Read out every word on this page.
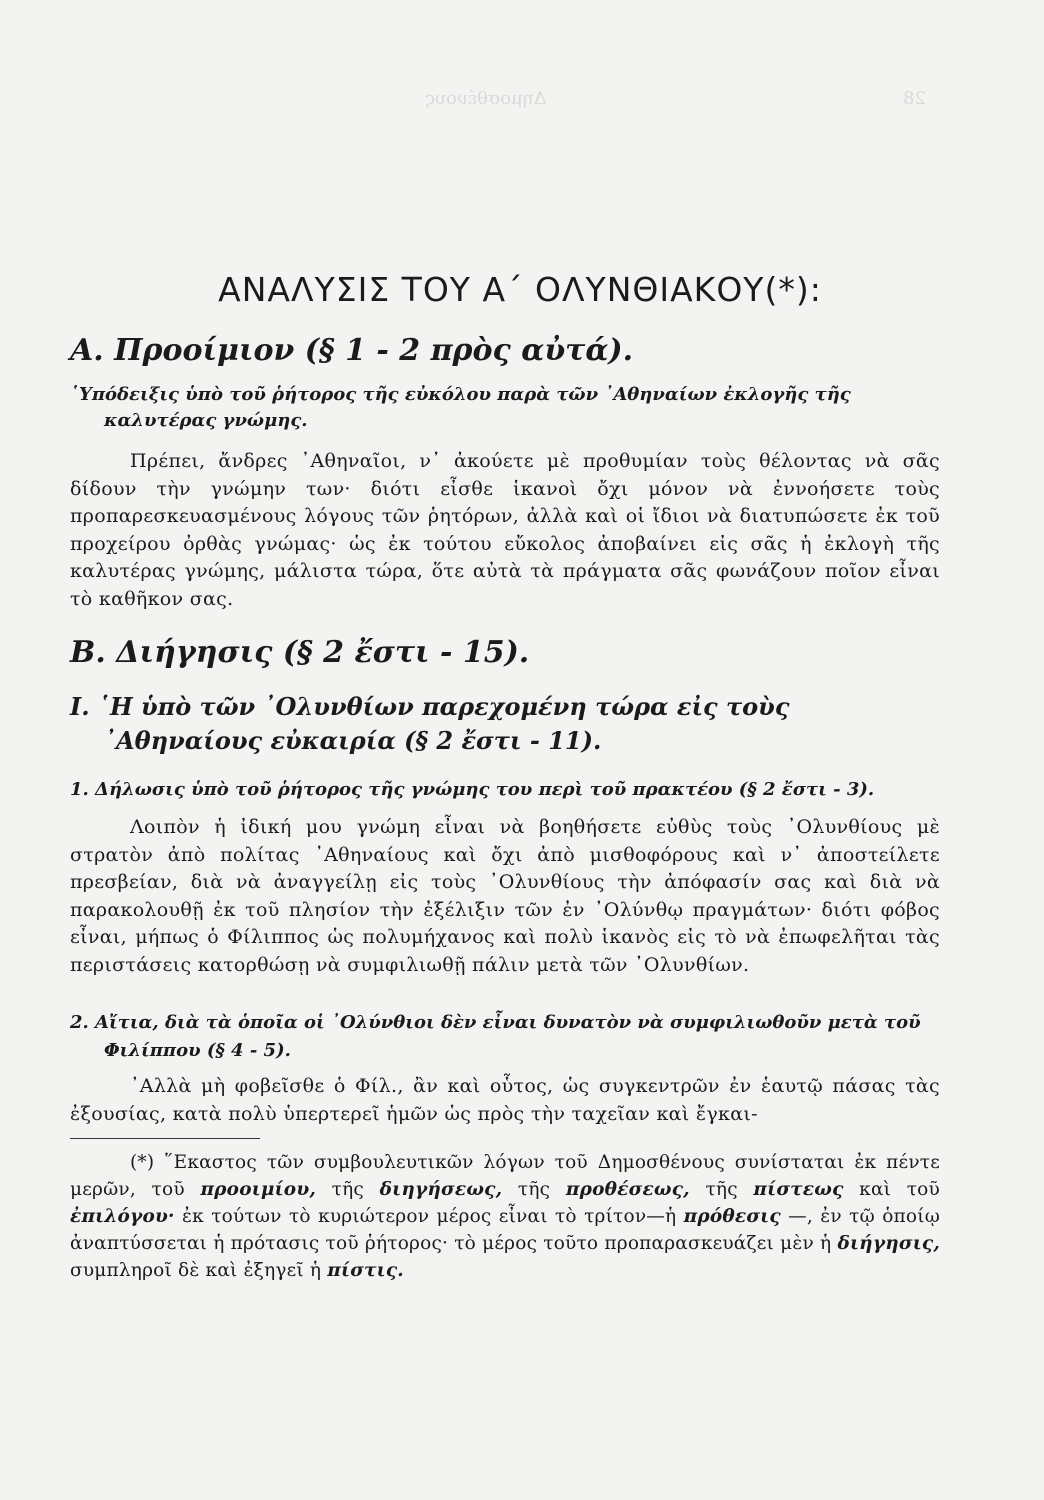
Δημοσθένους	28
ΑΝΑΛΥΣΙΣ ΤΟΥ Α΄ ΟΛΥΝΘΙΑΚΟΥ(*):
Α. Προοίμιον (§ 1 - 2 πρὸς αὐτά).
῾Υπόδειξις ὑπὸ τοῦ ῥήτορος τῆς εὐκόλου παρὰ τῶν ᾿Αθηναίων ἐκλογῆς τῆς καλυτέρας γνώμης.

Πρέπει, ἄνδρες ᾿Αθηναῖοι, ν᾿ ἀκούετε μὲ προθυμίαν τοὺς θέλοντας νὰ σᾶς δίδουν τὴν γνώμην των· διότι εἶσθε ἱκανοὶ ὄχι μόνον νὰ ἐννοήσετε τοὺς προπαρεσκευασμένους λόγους τῶν ῥητόρων, ἀλλὰ καὶ οἱ ἴδιοι νὰ διατυπώσετε ἐκ τοῦ προχείρου ὀρθὰς γνώμας· ὡς ἐκ τούτου εὔκολος ἀποβαίνει εἰς σᾶς ἡ ἐκλογὴ τῆς καλυτέρας γνώμης, μάλιστα τώρα, ὅτε αὐτὰ τὰ πράγματα σᾶς φωνάζουν ποῖον εἶναι τὸ καθῆκον σας.

Β. Διήγησις (§ 2 ἔστι - 15).
Ι. ῾Η ὑπὸ τῶν ᾿Ολυνθίων παρεχομένη τώρα εἰς τοὺς ᾿Αθηναίους εὐκαιρία (§ 2 ἔστι - 11).
1. Δήλωσις ὑπὸ τοῦ ῥήτορος τῆς γνώμης του περὶ τοῦ πρακτέου (§ 2 ἔστι - 3).

Λοιπὸν ἡ ἰδική μου γνώμη εἶναι νὰ βοηθήσετε εὐθὺς τοὺς ᾿Ολυνθίους μὲ στρατὸν ἀπὸ πολίτας ᾿Αθηναίους καὶ ὄχι ἀπὸ μισθοφόρους καὶ ν᾿ ἀποστείλετε πρεσβείαν, διὰ νὰ ἀναγγείλῃ εἰς τοὺς ᾿Ολυνθίους τὴν ἀπόφασίν σας καὶ διὰ νὰ παρακολουθῇ ἐκ τοῦ πλησίον τὴν ἐξέλιξιν τῶν ἐν ᾿Ολύνθῳ πραγμάτων· διότι φόβος εἶναι, μήπως ὁ Φίλιππος ὡς πολυμήχανος καὶ πολὺ ἱκανὸς εἰς τὸ νὰ ἐπωφελῆται τὰς περιστάσεις κατορθώσῃ νὰ συμφιλιωθῇ πάλιν μετὰ τῶν ᾿Ολυνθίων.

2. Αἴτια, διὰ τὰ ὁποῖα οἱ ᾿Ολύνθιοι δὲν εἶναι δυνατὸν νὰ συμφιλιωθοῦν μετὰ τοῦ Φιλίππου (§ 4 - 5).

᾿Αλλὰ μὴ φοβεῖσθε ὁ Φίλ., ἂν καὶ οὗτος, ὡς συγκεντρῶν ἐν ἑαυτῷ πάσας τὰς ἐξουσίας, κατὰ πολὺ ὑπερτερεῖ ἡμῶν ὡς πρὸς τὴν ταχεῖαν καὶ ἔγκαι-

(*) ῞Εκαστος τῶν συμβουλευτικῶν λόγων τοῦ Δημοσθένους συνίσταται ἐκ πέντε μερῶν, τοῦ προοιμίου, τῆς διηγήσεως, τῆς προθέσεως, τῆς πίστεως καὶ τοῦ ἐπιλόγου· ἐκ τούτων τὸ κυριώτερον μέρος εἶναι τὸ τρίτον—ἡ πρόθεσις —, ἐν τῷ ὁποίῳ ἀναπτύσσεται ἡ πρότασις τοῦ ῥήτορος· τὸ μέρος τοῦτο προπαρασκευάζει μὲν ἡ διήγησις, συμπληροῖ δὲ καὶ ἐξηγεῖ ἡ πίστις.
